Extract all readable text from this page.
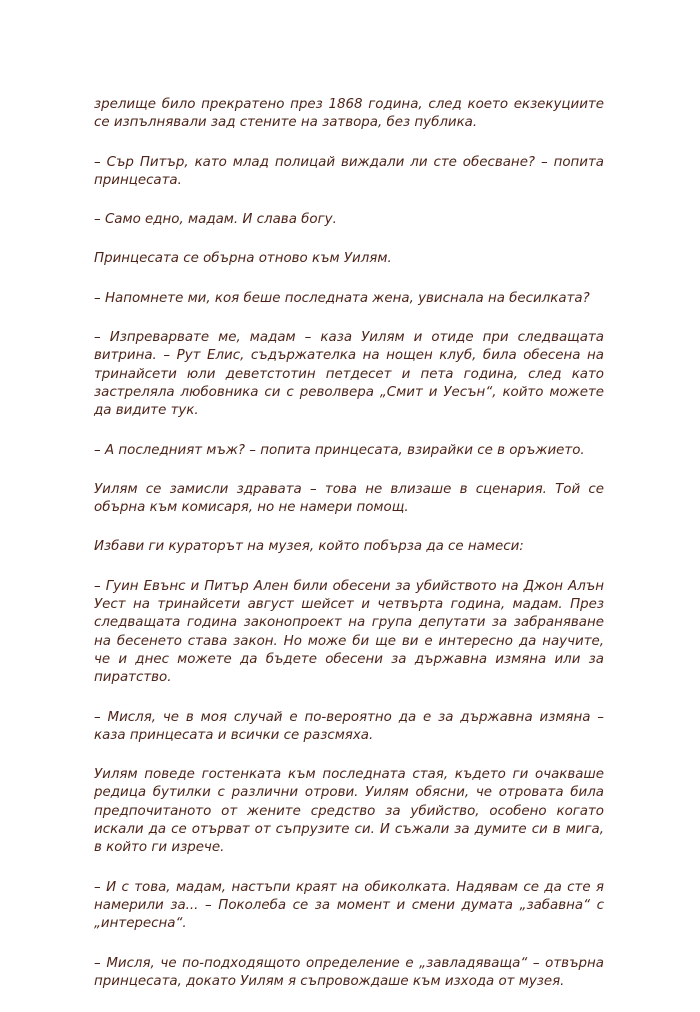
зрелище било прекратено през 1868 година, след което екзекуциите се изпълнявали зад стените на затвора, без публика.

– Сър Питър, като млад полицай виждали ли сте обесване? – попита принцесата.

– Само едно, мадам. И слава богу.

Принцесата се обърна отново към Уилям.

– Напомнете ми, коя беше последната жена, увиснала на бесилката?

– Изпреварвате ме, мадам – каза Уилям и отиде при следващата витрина. – Рут Елис, съдържателка на нощен клуб, била обесена на тринайсети юли деветстотин петдесет и пета година, след като застреляла любовника си с револвера „Смит и Уесън“, който можете да видите тук.

– А последният мъж? – попита принцесата, взирайки се в оръжието.

Уилям се замисли здравата – това не влизаше в сценария. Той се обърна към комисаря, но не намери помощ.

Избави ги кураторът на музея, който побърза да се намеси:

– Гуин Евънс и Питър Ален били обесени за убийството на Джон Алън Уест на тринайсети август шейсет и четвърта година, мадам. През следващата година законопроект на група депутати за забраняване на бесенето става закон. Но може би ще ви е интересно да научите, че и днес можете да бъдете обесени за държавна измяна или за пиратство.

– Мисля, че в моя случай е по-вероятно да е за държавна измяна – каза принцесата и всички се разсмяха.

Уилям поведе гостенката към последната стая, където ги очакваше редица бутилки с различни отрови. Уилям обясни, че отровата била предпочитаното от жените средство за убийство, особено когато искали да се отърват от съпрузите си. И съжали за думите си в мига, в който ги изрече.

– И с това, мадам, настъпи краят на обиколката. Надявам се да сте я намерили за... – Поколеба се за момент и смени думата „забавна“ с „интересна“.

– Мисля, че по-подходящото определение е „завладяваща“ – отвърна принцесата, докато Уилям я съпровождаше към изхода от музея.
